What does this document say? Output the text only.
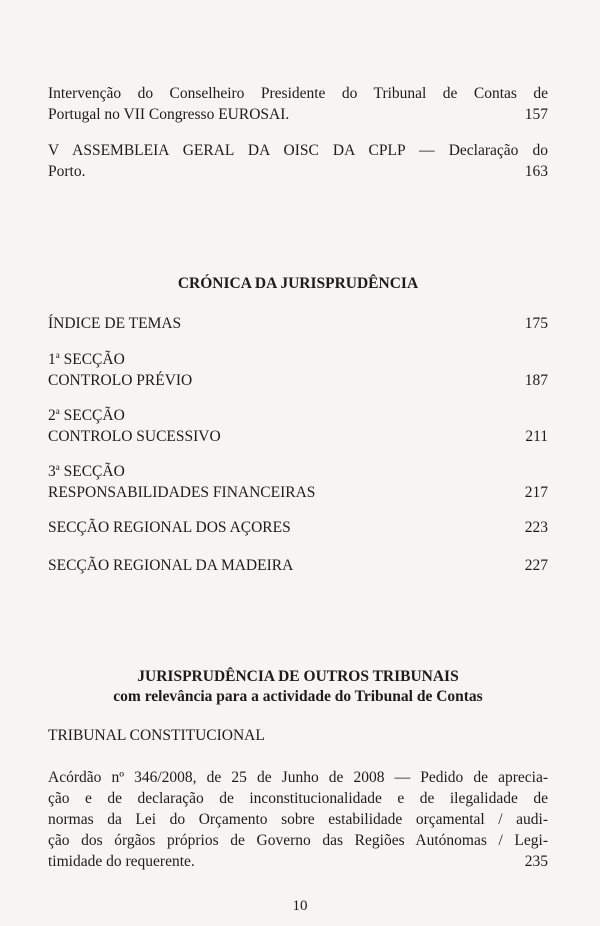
Intervenção do Conselheiro Presidente do Tribunal de Contas de
Portugal no VII Congresso EUROSAI. . . .	157
V ASSEMBLEIA GERAL DA OISC DA CPLP — Declaração do
Porto. . . .	163
CRÓNICA DA JURISPRUDÊNCIA
ÍNDICE DE TEMAS . . .	175
1$^a$ SECÇÃO
CONTROLO PRÉVIO . . .	187
2$^a$ SECÇÃO
CONTROLO SUCESSIVO . . .	211
3$^a$ SECÇÃO
RESPONSABILIDADES FINANCEIRAS . . .	217
SECÇÃO REGIONAL DOS AÇORES . . .	223
SECÇÃO REGIONAL DA MADEIRA . . .	227
JURISPRUDÊNCIA DE OUTROS TRIBUNAIS
com relevância para a actividade do Tribunal de Contas
TRIBUNAL CONSTITUCIONAL
Acórdão nº 346/2008, de 25 de Junho de 2008 — Pedido de aprecia-
ção e de declaração de inconstitucionalidade e de ilegalidade de
normas da Lei do Orçamento sobre estabilidade orçamental / audi-
ção dos órgãos próprios de Governo das Regiões Autónomas / Legi-
timidade do requerente. . . .	235
10
